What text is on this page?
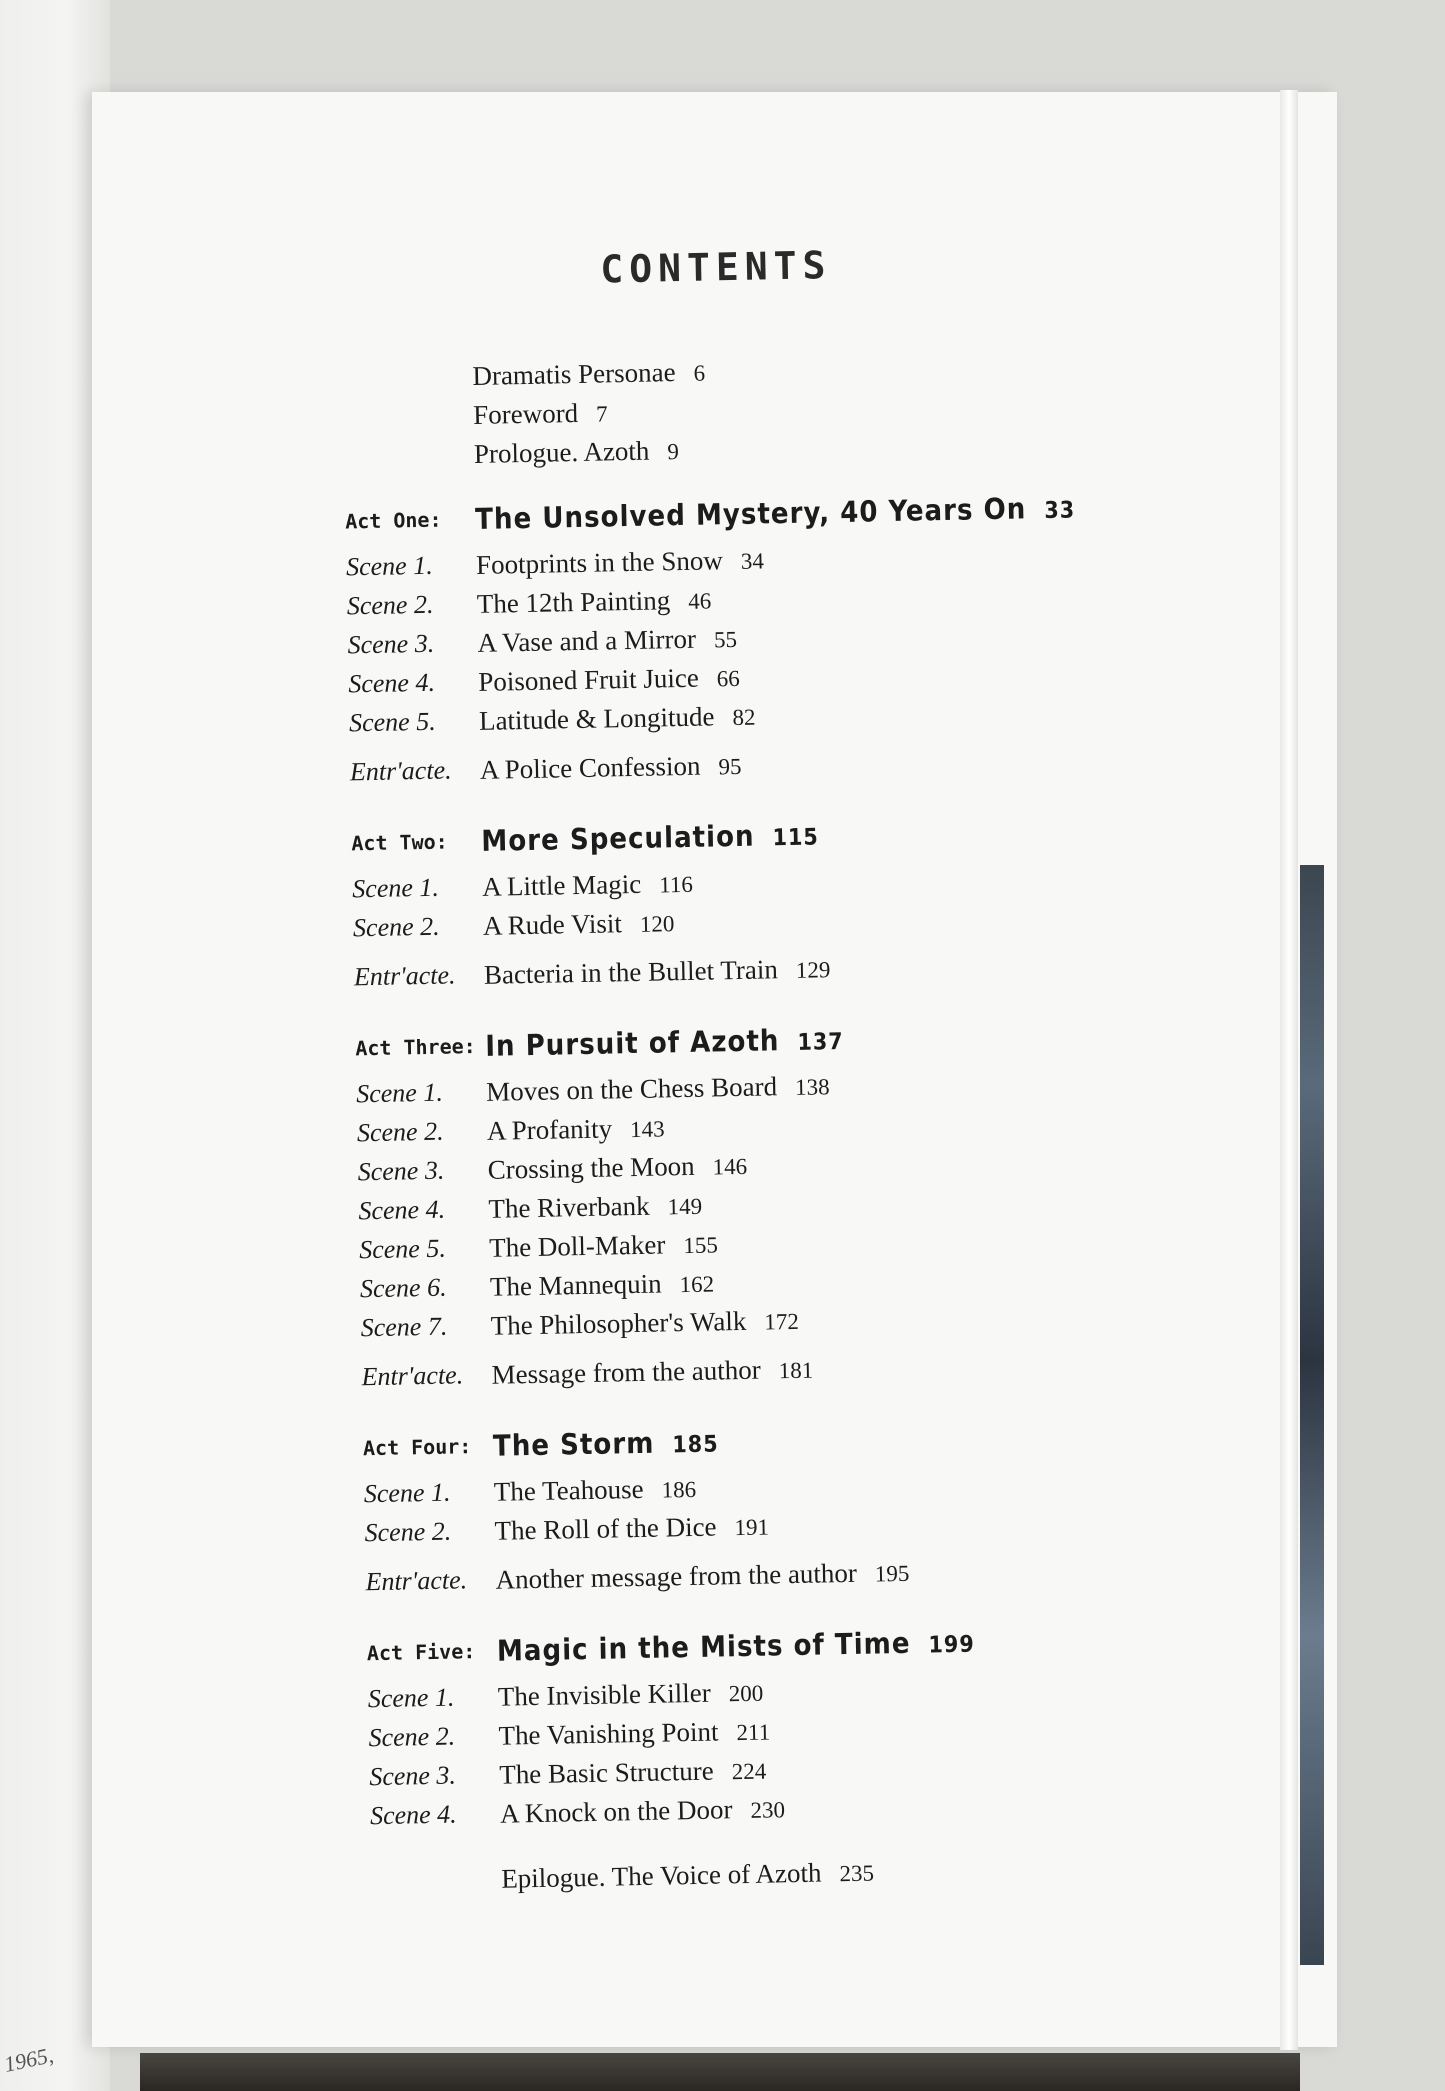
1965,
CONTENTS
Dramatis Personae 6
Foreword 7
Prologue. Azoth 9
Act One:	The Unsolved Mystery, 40 Years On 33
Scene 1.	Footprints in the Snow 34
Scene 2.	The 12th Painting 46
Scene 3.	A Vase and a Mirror 55
Scene 4.	Poisoned Fruit Juice 66
Scene 5.	Latitude & Longitude 82
Entr'acte.	A Police Confession 95
Act Two:	More Speculation 115
Scene 1.	A Little Magic 116
Scene 2.	A Rude Visit 120
Entr'acte.	Bacteria in the Bullet Train 129
Act Three: In Pursuit of Azoth 137
Scene 1.	Moves on the Chess Board 138
Scene 2.	A Profanity 143
Scene 3.	Crossing the Moon 146
Scene 4.	The Riverbank 149
Scene 5.	The Doll-Maker 155
Scene 6.	The Mannequin 162
Scene 7.	The Philosopher's Walk 172
Entr'acte.	Message from the author 181
Act Four: The Storm 185
Scene 1.	The Teahouse 186
Scene 2.	The Roll of the Dice 191
Entr'acte.	Another message from the author 195
Act Five: Magic in the Mists of Time 199
Scene 1.	The Invisible Killer 200
Scene 2.	The Vanishing Point 211
Scene 3.	The Basic Structure 224
Scene 4.	A Knock on the Door 230
Epilogue. The Voice of Azoth 235
